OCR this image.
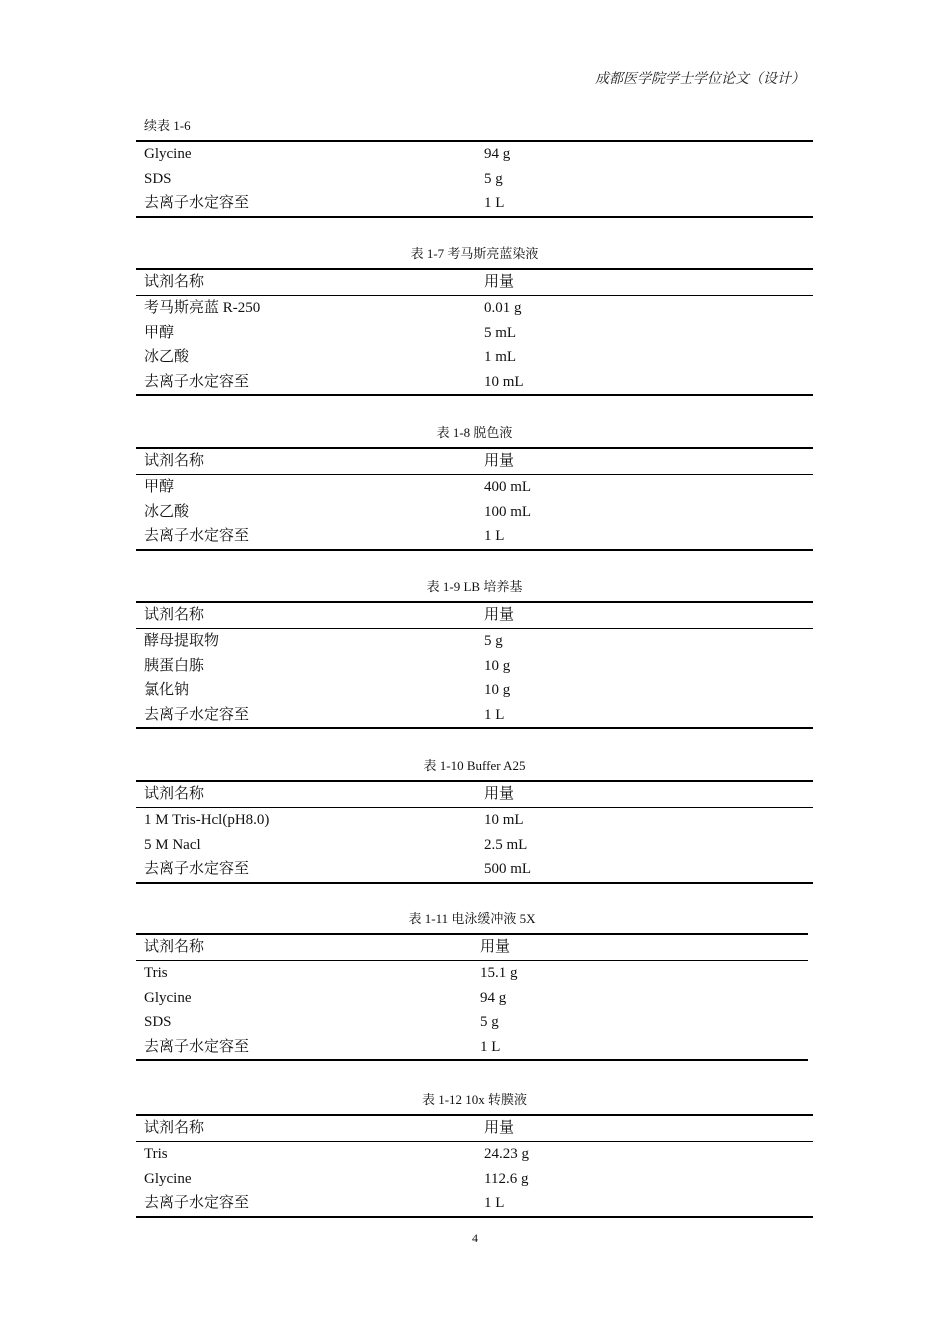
成都医学院学士学位论文（设计）
续表 1-6
Glycine	94 g
SDS	5 g
去离子水定容至	1 L
表 1-7 考马斯亮蓝染液
试剂名称	用量
考马斯亮蓝 R-250	0.01 g
甲醇	5 mL
冰乙酸	1 mL
去离子水定容至	10 mL
表 1-8 脱色液
试剂名称	用量
甲醇	400 mL
冰乙酸	100 mL
去离子水定容至	1 L
表 1-9 LB 培养基
试剂名称	用量
酵母提取物	5 g
胰蛋白胨	10 g
氯化钠	10 g
去离子水定容至	1 L
表 1-10 Buffer A25
试剂名称	用量
1 M Tris-Hcl(pH8.0)	10 mL
5 M Nacl	2.5 mL
去离子水定容至	500 mL
表 1-11 电泳缓冲液 5X
试剂名称	用量
Tris	15.1 g
Glycine	94 g
SDS	5 g
去离子水定容至	1 L
表 1-12 10x 转膜液
试剂名称	用量
Tris	24.23 g
Glycine	112.6 g
去离子水定容至	1 L
4
